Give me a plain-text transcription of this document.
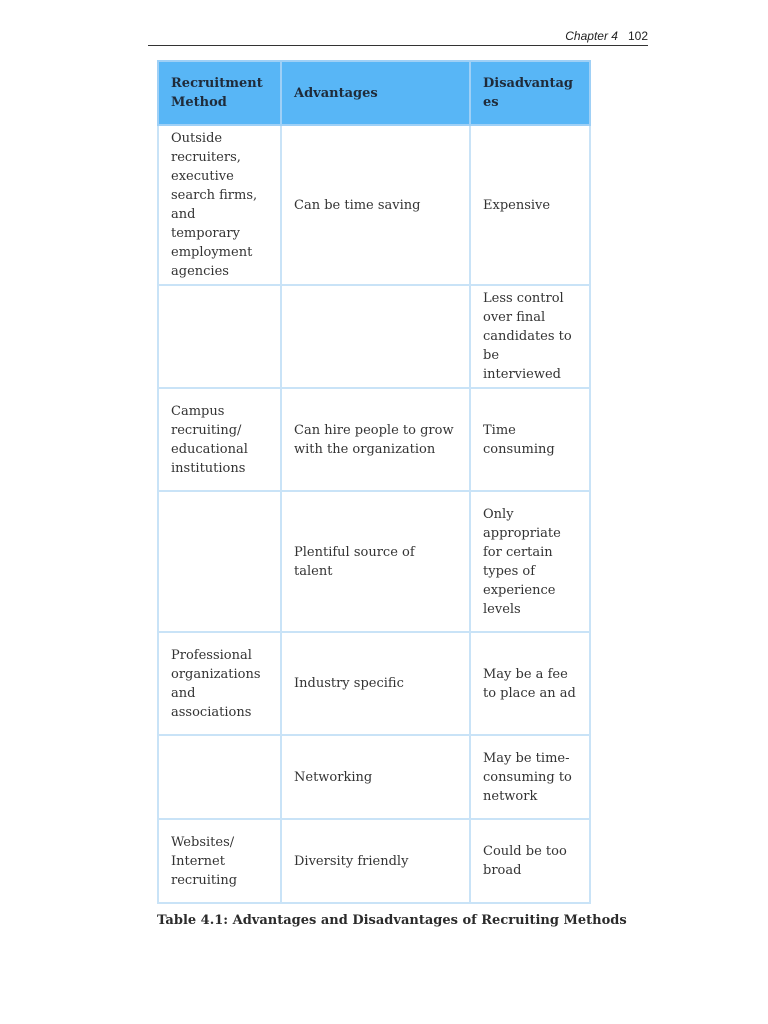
Chapter 4 102
Recruitment Method	Advantages	Disadvantages
Outside recruiters, executive search firms, and temporary employment agencies	Can be time saving	Expensive
		Less control over final candidates to be interviewed
Campus recruiting/ educational institutions	Can hire people to grow with the organization	Time consuming
	Plentiful source of talent	Only appropriate for certain types of experience levels
Professional organizations and associations	Industry specific	May be a fee to place an ad
	Networking	May be time-consuming to network
Websites/ Internet recruiting	Diversity friendly	Could be too broad
Table 4.1: Advantages and Disadvantages of Recruiting Methods
